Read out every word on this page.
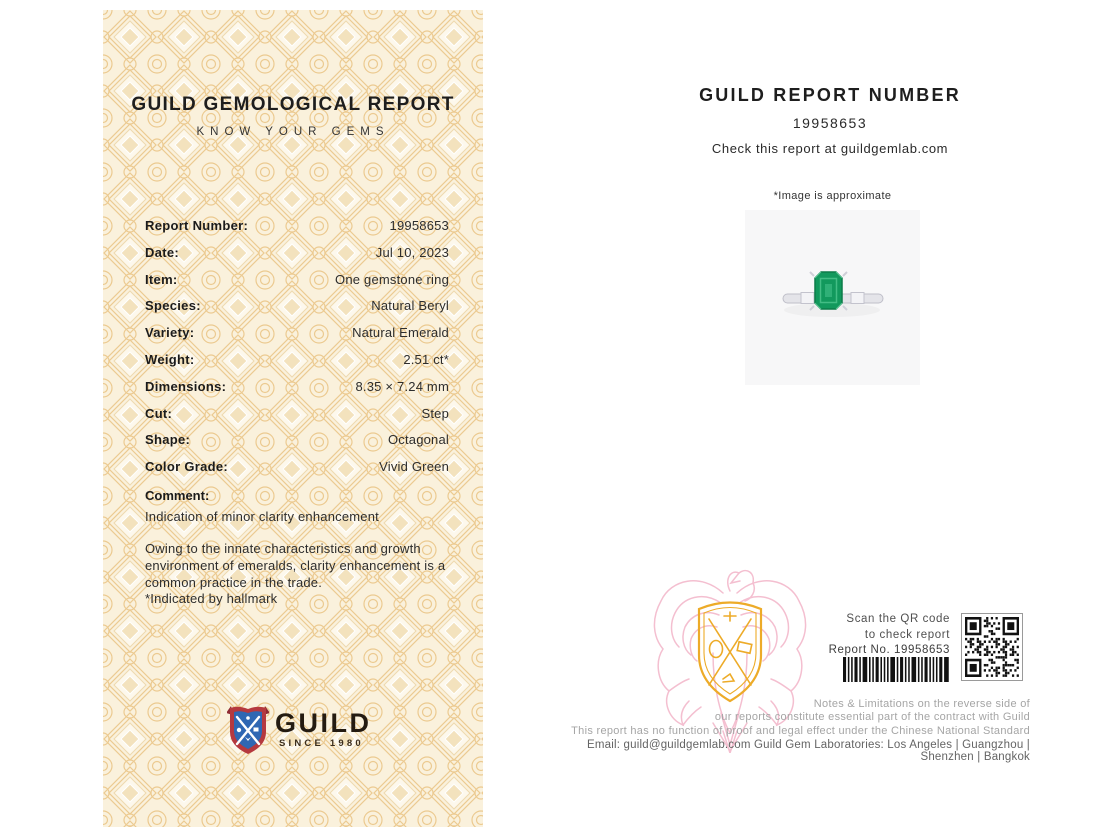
GUILD GEMOLOGICAL REPORT
KNOW YOUR GEMS
Report Number:	19958653
Date:	Jul 10, 2023
Item:	One gemstone ring
Species:	Natural Beryl
Variety:	Natural Emerald
Weight:	2.51 ct*
Dimensions:	8.35 × 7.24 mm
Cut:	Step
Shape:	Octagonal
Color Grade:	Vivid Green
Comment:
Indication of minor clarity enhancement
Owing to the innate characteristics and growth environment of emeralds, clarity enhancement is a common practice in the trade.
*Indicated by hallmark
GUILD
SINCE 1980
GUILD REPORT NUMBER
19958653
Check this report at guildgemlab.com
*Image is approximate
Scan the QR code
to check report
Report No. 19958653
Notes & Limitations on the reverse side of
our reports constitute essential part of the contract with Guild
This report has no function of proof and legal effect under the Chinese National Standard
Email: guild@guildgemlab.com Guild Gem Laboratories: Los Angeles | Guangzhou | Shenzhen | Bangkok
